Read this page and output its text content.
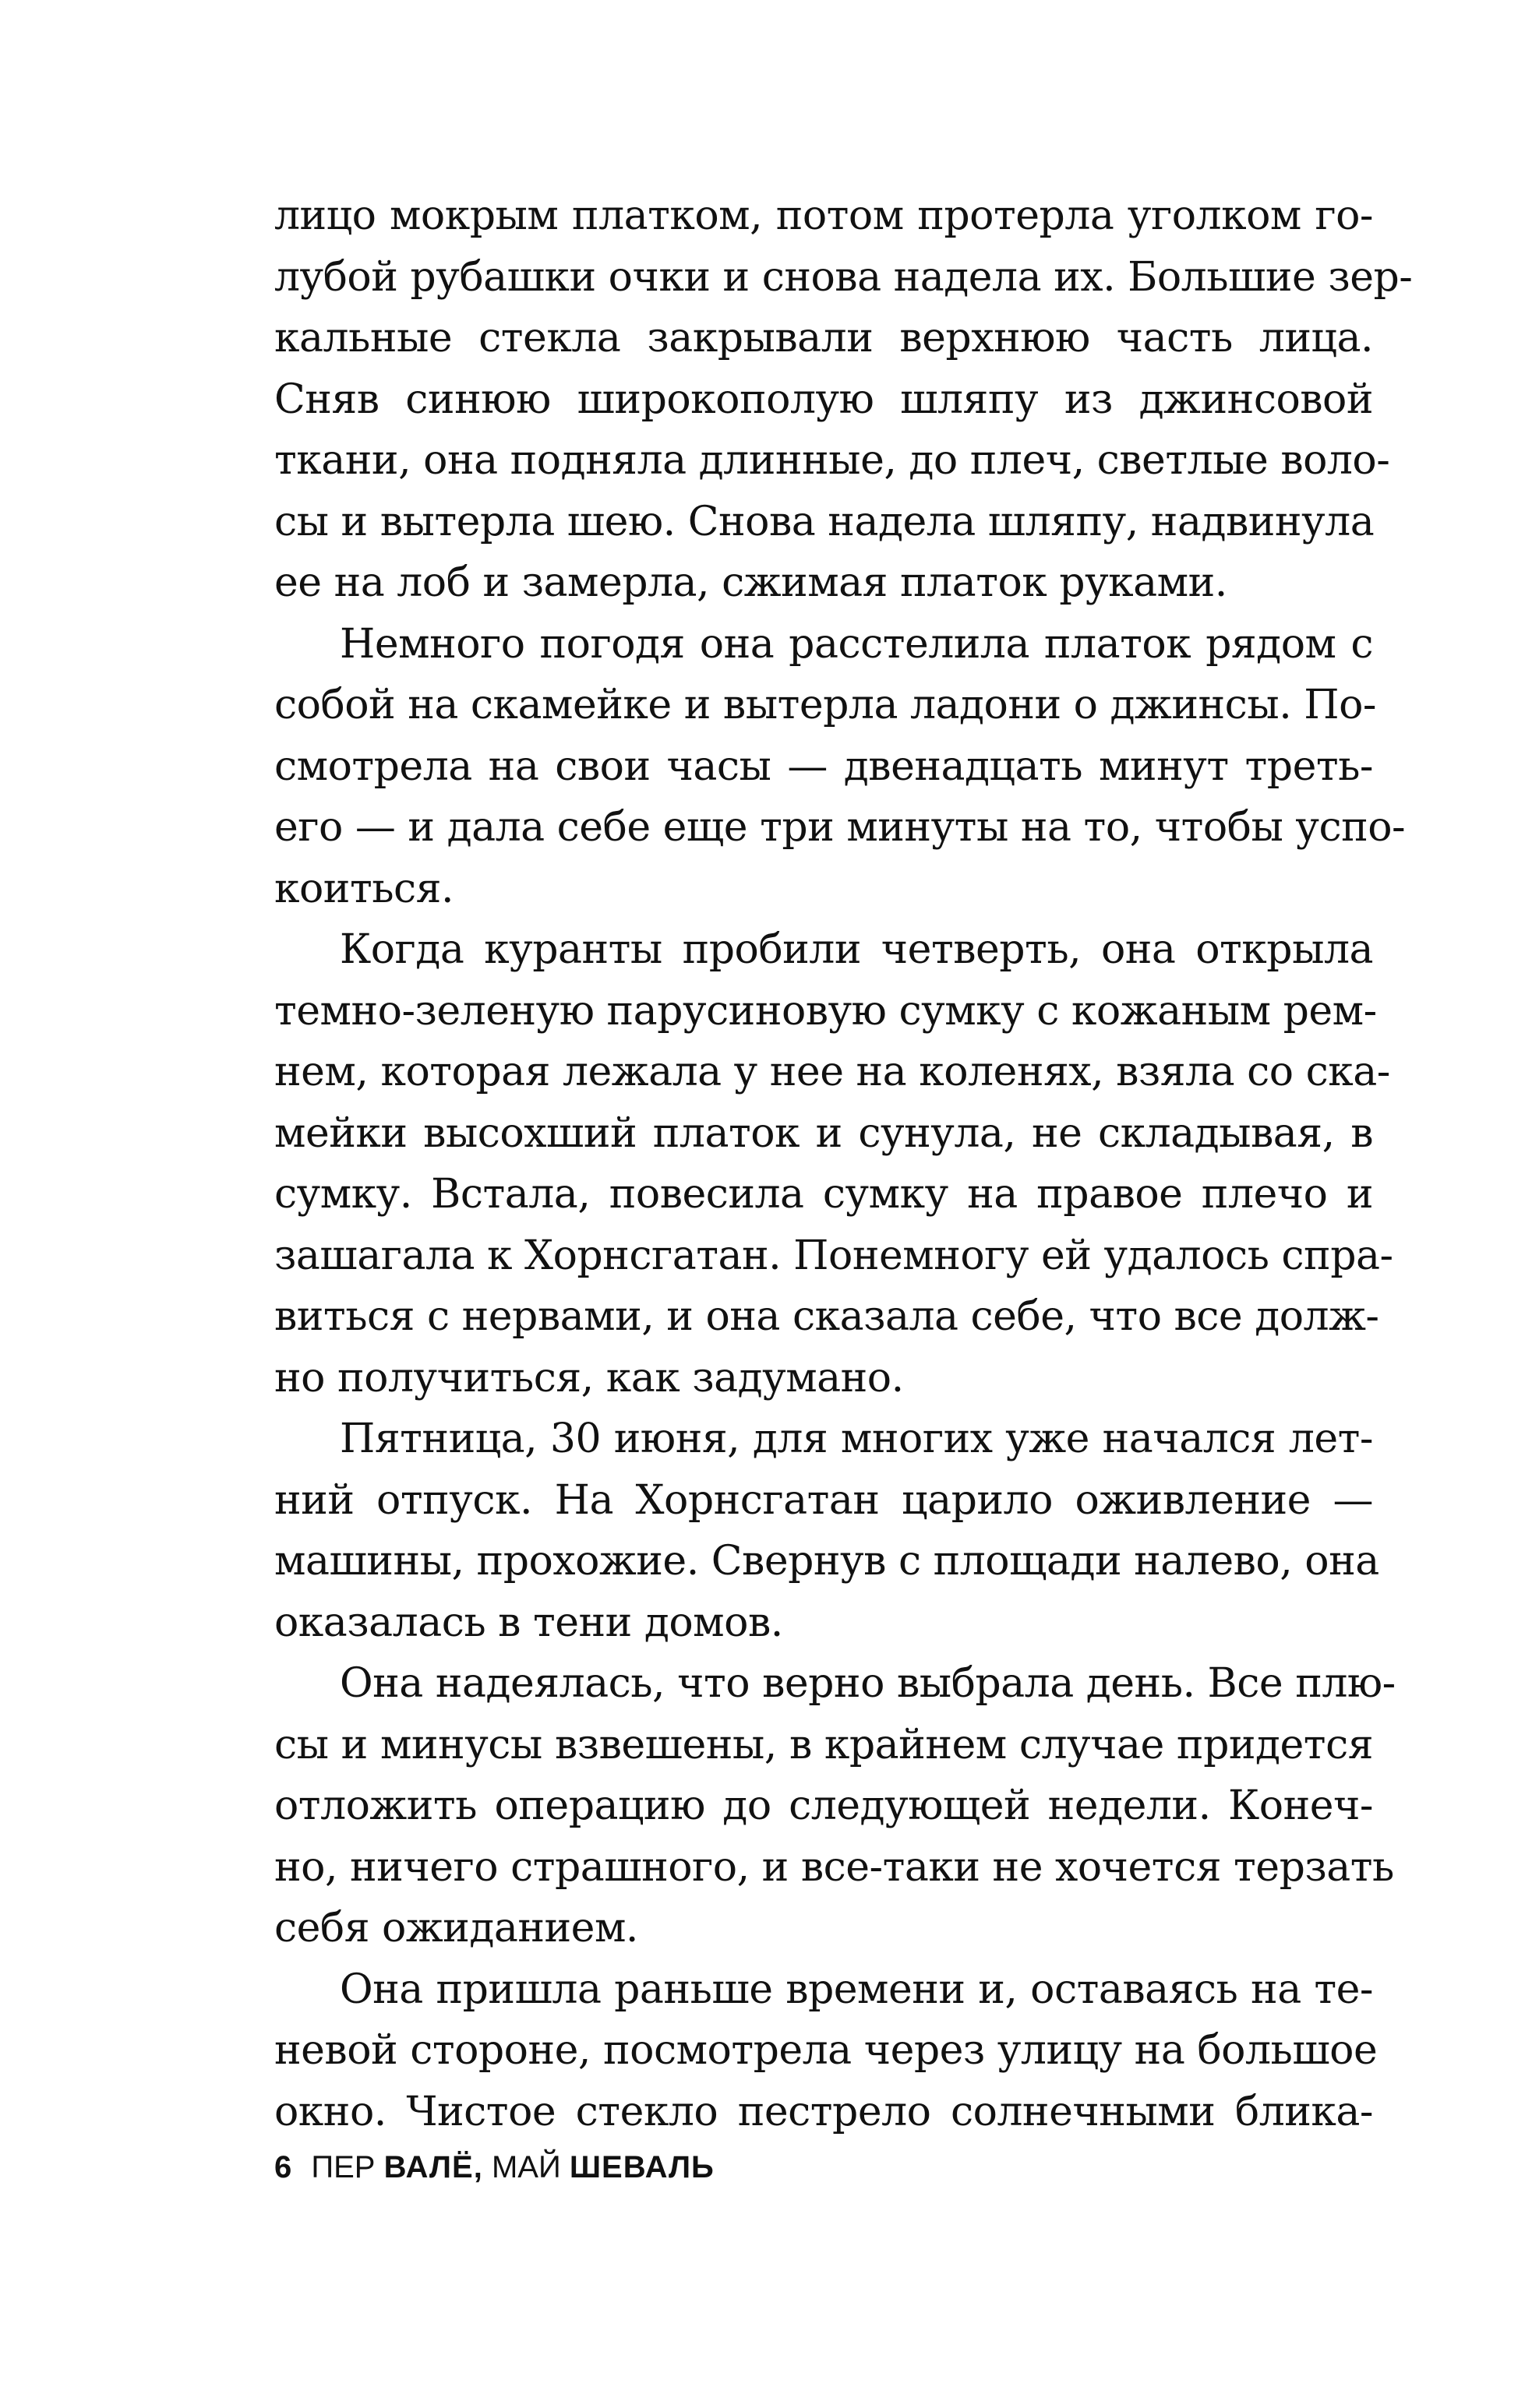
лицо мокрым платком, потом протерла уголком го-
лубой рубашки очки и снова надела их. Большие зер-
кальные стекла закрывали верхнюю часть лица.
Сняв синюю широкополую шляпу из джинсовой
ткани, она подняла длинные, до плеч, светлые воло-
сы и вытерла шею. Снова надела шляпу, надвинула
ее на лоб и замерла, сжимая платок руками.
Немного погодя она расстелила платок рядом с
собой на скамейке и вытерла ладони о джинсы. По-
смотрела на свои часы — двенадцать минут треть-
его — и дала себе еще три минуты на то, чтобы успо-
коиться.
Когда куранты пробили четверть, она открыла
темно-зеленую парусиновую сумку с кожаным рем-
нем, которая лежала у нее на коленях, взяла со ска-
мейки высохший платок и сунула, не складывая, в
сумку. Встала, повесила сумку на правое плечо и
зашагала к Хорнсгатан. Понемногу ей удалось спра-
виться с нервами, и она сказала себе, что все долж-
но получиться, как задумано.
Пятница, 30 июня, для многих уже начался лет-
ний отпуск. На Хорнсгатан царило оживление —
машины, прохожие. Свернув с площади налево, она
оказалась в тени домов.
Она надеялась, что верно выбрала день. Все плю-
сы и минусы взвешены, в крайнем случае придется
отложить операцию до следующей недели. Конеч-
но, ничего страшного, и все-таки не хочется терзать
себя ожиданием.
Она пришла раньше времени и, оставаясь на те-
невой стороне, посмотрела через улицу на большое
окно. Чистое стекло пестрело солнечными блика-
6 ПЕР ВАЛЁ, МАЙ ШЕВАЛЬ
